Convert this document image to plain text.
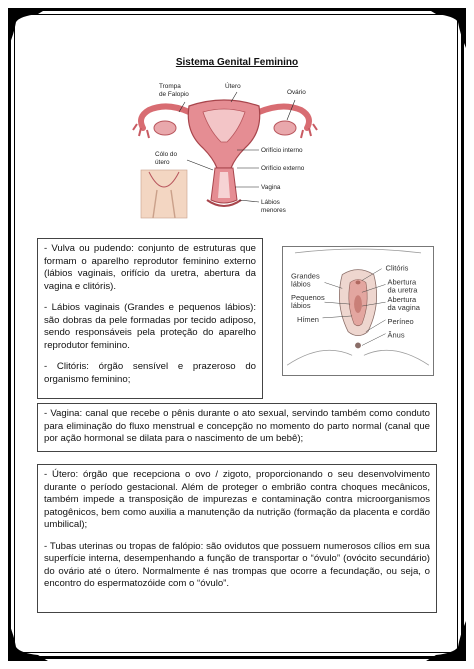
Sistema Genital Feminino
Trompa
de Falopio
Útero
Ovário
Orifício interno
Cólo do
útero
Orifício externo
Vagina
Lábios
menores
Clitóris
Grandes
lábios	Abertura
da uretra
Pequenos
lábios
Abertura
da vagina
Hímen	Períneo
Ânus

- Vulva ou pudendo: conjunto de estruturas que formam o aparelho reprodutor feminino externo (lábios vaginais, orifício da uretra, abertura da vagina e clitóris).

- Lábios vaginais (Grandes e pequenos lábios): são dobras da pele formadas por tecido adiposo, sendo responsáveis pela proteção do aparelho reprodutor feminino.

- Clitóris: órgão sensível e prazeroso do organismo feminino;

- Vagina: canal que recebe o pênis durante o ato sexual, servindo também como conduto para eliminação do fluxo menstrual e concepção no momento do parto normal (canal que por ação hormonal se dilata para o nascimento de um bebê);

- Útero: órgão que recepciona o ovo / zigoto, proporcionando o seu desenvolvimento durante o período gestacional. Além de proteger o embrião contra choques mecânicos, também impede a transposição de impurezas e contaminação contra microorganismos patogênicos, bem como auxilia a manutenção da nutrição (formação da placenta e cordão umbilical);

- Tubas uterinas ou tropas de falópio: são ovidutos que possuem numerosos cílios em sua superfície interna, desempenhando a função de transportar o “óvulo” (ovócito secundário) do ovário até o útero. Normalmente é nas trompas que ocorre a fecundação, ou seja, o encontro do espermatozóide com o “óvulo”.
